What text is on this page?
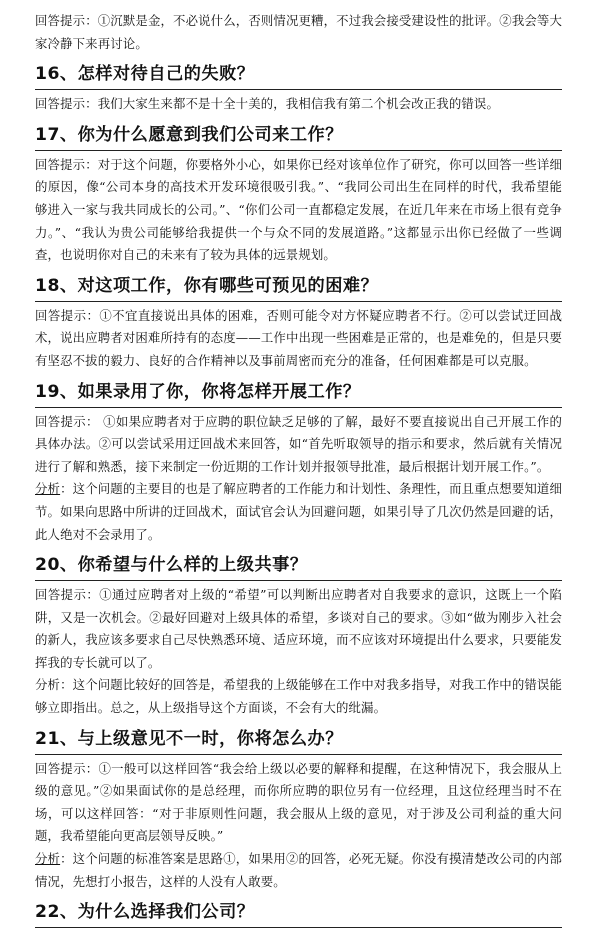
回答提示：①沉默是金，不必说什么，否则情况更糟，不过我会接受建设性的批评。②我会等大家冷静下来再讨论。

16、怎样对待自己的失败？

回答提示：我们大家生来都不是十全十美的，我相信我有第二个机会改正我的错误。

17、你为什么愿意到我们公司来工作？

回答提示：对于这个问题，你要格外小心，如果你已经对该单位作了研究，你可以回答一些详细的原因，像“公司本身的高技术开发环境很吸引我。”、“我同公司出生在同样的时代，我希望能够进入一家与我共同成长的公司。”、“你们公司一直都稳定发展，在近几年来在市场上很有竞争力。”、“我认为贵公司能够给我提供一个与众不同的发展道路。”这都显示出你已经做了一些调查，也说明你对自己的未来有了较为具体的远景规划。

18、对这项工作，你有哪些可预见的困难？

回答提示：①不宜直接说出具体的困难，否则可能令对方怀疑应聘者不行。②可以尝试迂回战术，说出应聘者对困难所持有的态度——工作中出现一些困难是正常的，也是难免的，但是只要有坚忍不拔的毅力、良好的合作精神以及事前周密而充分的准备，任何困难都是可以克服。

19、如果录用了你，你将怎样开展工作？

回答提示： ①如果应聘者对于应聘的职位缺乏足够的了解，最好不要直接说出自己开展工作的具体办法。②可以尝试采用迂回战术来回答，如“首先听取领导的指示和要求，然后就有关情况进行了解和熟悉，接下来制定一份近期的工作计划并报领导批准，最后根据计划开展工作。”。

分析：这个问题的主要目的也是了解应聘者的工作能力和计划性、条理性，而且重点想要知道细节。如果向思路中所讲的迂回战术，面试官会认为回避问题，如果引导了几次仍然是回避的话，此人绝对不会录用了。

20、你希望与什么样的上级共事？

回答提示：①通过应聘者对上级的“希望”可以判断出应聘者对自我要求的意识，这既上一个陷阱，又是一次机会。②最好回避对上级具体的希望，多谈对自己的要求。③如“做为刚步入社会的新人，我应该多要求自己尽快熟悉环境、适应环境，而不应该对环境提出什么要求，只要能发挥我的专长就可以了。

分析：这个问题比较好的回答是，希望我的上级能够在工作中对我多指导，对我工作中的错误能够立即指出。总之，从上级指导这个方面谈，不会有大的纰漏。

21、与上级意见不一时，你将怎么办？

回答提示：①一般可以这样回答“我会给上级以必要的解释和提醒，在这种情况下，我会服从上级的意见。”②如果面试你的是总经理，而你所应聘的职位另有一位经理，且这位经理当时不在场，可以这样回答：“对于非原则性问题，我会服从上级的意见，对于涉及公司利益的重大问题，我希望能向更高层领导反映。”

分析：这个问题的标准答案是思路①，如果用②的回答，必死无疑。你没有摸清楚改公司的内部情况，先想打小报告，这样的人没有人敢要。

22、为什么选择我们公司？
